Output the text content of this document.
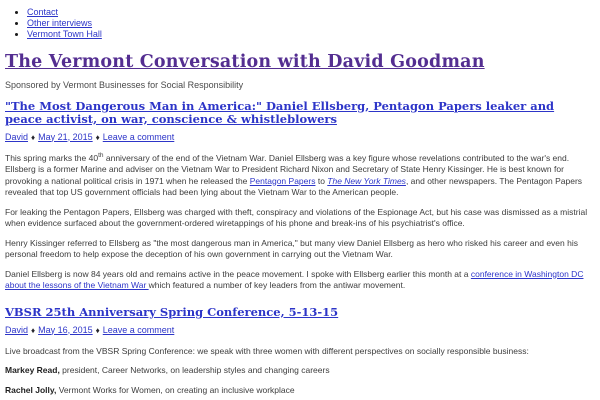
• Contact
• Other interviews
• Vermont Town Hall
The Vermont Conversation with David Goodman

Sponsored by Vermont Businesses for Social Responsibility

"The Most Dangerous Man in America:" Daniel Ellsberg, Pentagon Papers leaker and peace activist, on war, conscience & whistleblowers

David ♦ May 21, 2015 ♦ Leave a comment

This spring marks the 40th anniversary of the end of the Vietnam War. Daniel Ellsberg was a key figure whose revelations contributed to the war's end. Ellsberg is a former Marine and adviser on the Vietnam War to President Richard Nixon and Secretary of State Henry Kissinger. He is best known for provoking a national political crisis in 1971 when he released the Pentagon Papers to The New York Times, and other newspapers. The Pentagon Papers revealed that top US government officials had been lying about the Vietnam War to the American people.

For leaking the Pentagon Papers, Ellsberg was charged with theft, conspiracy and violations of the Espionage Act, but his case was dismissed as a mistrial when evidence surfaced about the government-ordered wiretappings of his phone and break-ins of his psychiatrist's office.

Henry Kissinger referred to Ellsberg as "the most dangerous man in America," but many view Daniel Ellsberg as hero who risked his career and even his personal freedom to help expose the deception of his own government in carrying out the Vietnam War.

Daniel Ellsberg is now 84 years old and remains active in the peace movement. I spoke with Ellsberg earlier this month at a conference in Washington DC about the lessons of the Vietnam War which featured a number of key leaders from the antiwar movement.

VBSR 25th Anniversary Spring Conference, 5-13-15

David ♦ May 16, 2015 ♦ Leave a comment

Live broadcast from the VBSR Spring Conference: we speak with three women with different perspectives on socially responsible business:

Markey Read, president, Career Networks, on leadership styles and changing careers

Rachel Jolly, Vermont Works for Women, on creating an inclusive workplace
